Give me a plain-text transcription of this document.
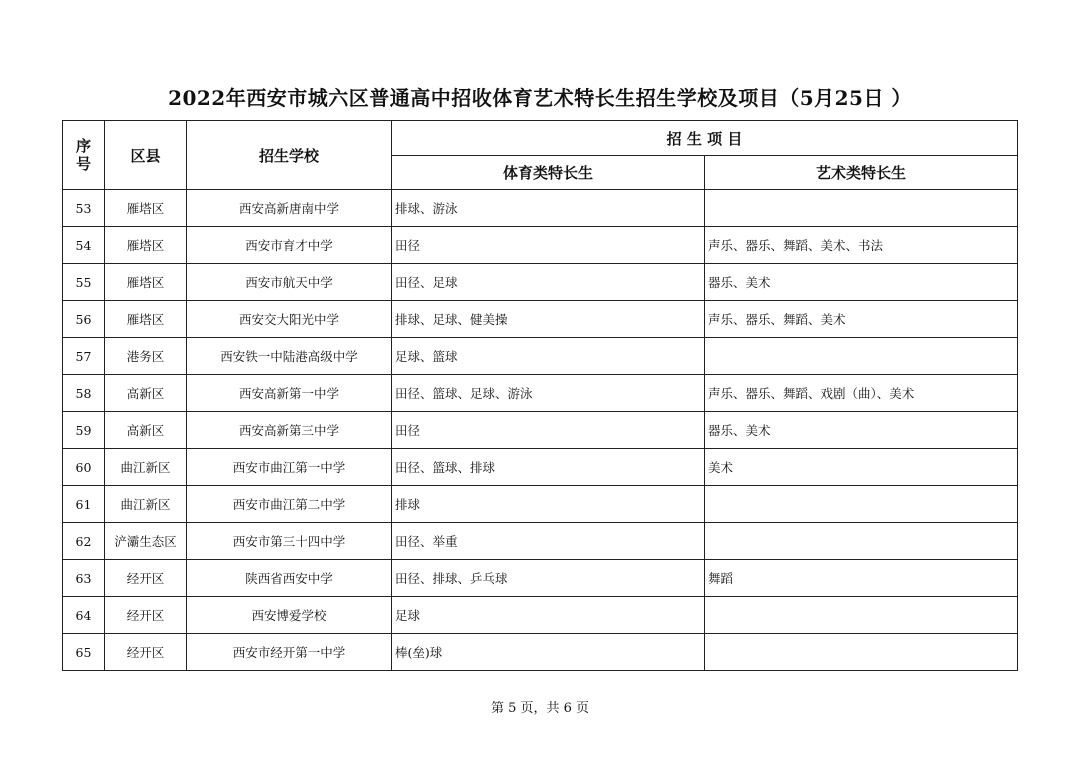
2022年西安市城六区普通高中招收体育艺术特长生招生学校及项目（5月25日 ）
序
号	区县	招生学校	招 生 项 目	
			体育类特长生	艺术类特长生
53	雁塔区	西安高新唐南中学	排球、游泳	
54	雁塔区	西安市育才中学	田径	声乐、器乐、舞蹈、美术、书法
55	雁塔区	西安市航天中学	田径、足球	器乐、美术
56	雁塔区	西安交大阳光中学	排球、足球、健美操	声乐、器乐、舞蹈、美术
57	港务区	西安铁一中陆港高级中学	足球、篮球	
58	高新区	西安高新第一中学	田径、篮球、足球、游泳	声乐、器乐、舞蹈、戏剧（曲）、美术
59	高新区	西安高新第三中学	田径	器乐、美术
60	曲江新区	西安市曲江第一中学	田径、篮球、排球	美术
61	曲江新区	西安市曲江第二中学	排球	
62	浐灞生态区	西安市第三十四中学	田径、举重	
63	经开区	陕西省西安中学	田径、排球、乒乓球	舞蹈
64	经开区	西安博爱学校	足球	
65	经开区	西安市经开第一中学	棒(垒)球	
第 5 页，共 6 页
